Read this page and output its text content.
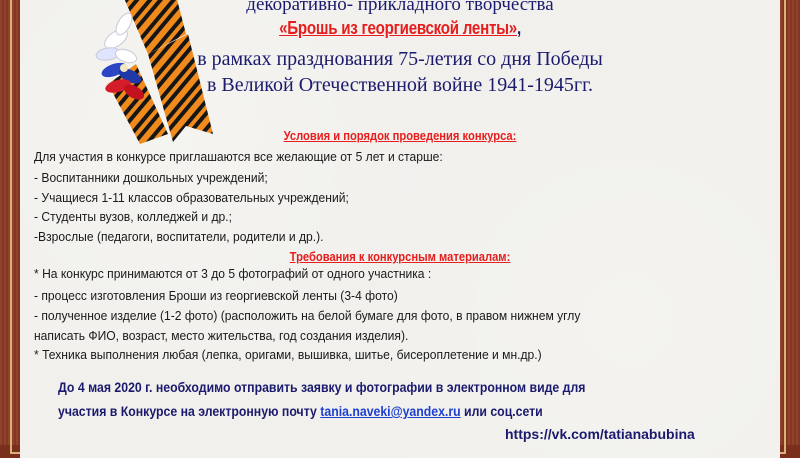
декоративно- прикладного творчества
«Брошь из георгиевской ленты»,
в рамках празднования 75-летия со дня Победы
в Великой Отечественной войне 1941-1945гг.
Условия и порядок проведения конкурса:
Для участия в конкурсе приглашаются все желающие от 5 лет и старше:
- Воспитанники дошкольных учреждений;
- Учащиеся 1-11 классов образовательных учреждений;
- Студенты вузов, колледжей и др.;
-Взрослые (педагоги, воспитатели, родители и др.).
Требования к конкурсным материалам:
* На конкурс принимаются от 3 до 5 фотографий от одного участника :
- процесс изготовления Броши из георгиевской ленты (3-4 фото)
- полученное изделие (1-2 фото) (расположить на белой бумаге для фото, в правом нижнем углу
написать ФИО, возраст, место жительства, год создания изделия).
* Техника выполнения любая (лепка, оригами, вышивка, шитье, бисероплетение и мн.др.)
До 4 мая 2020 г. необходимо отправить заявку и фотографии в электронном виде для
участия в Конкурсе на электронную почту tania.naveki@yandex.ru или соц.сети
https://vk.com/tatianabubina
